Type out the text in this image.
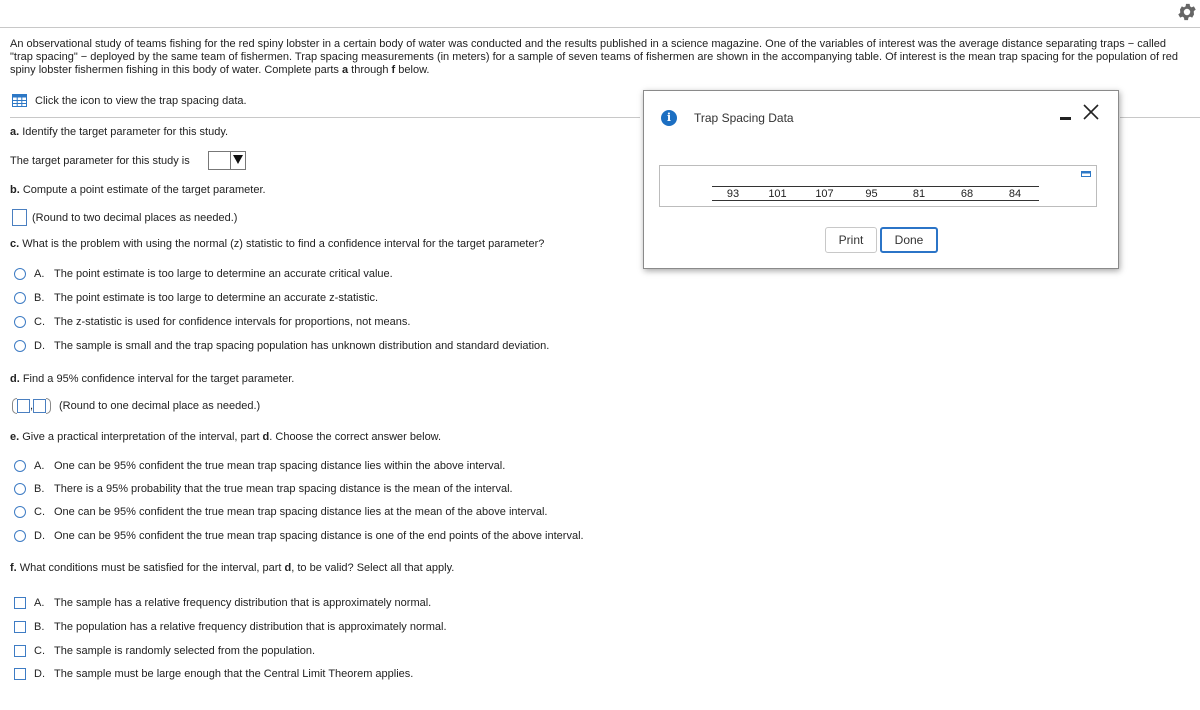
An observational study of teams fishing for the red spiny lobster in a certain body of water was conducted and the results published in a science magazine. One of the variables of interest was the average distance separating traps − called "trap spacing" − deployed by the same team of fishermen. Trap spacing measurements (in meters) for a sample of seven teams of fishermen are shown in the accompanying table. Of interest is the mean trap spacing for the population of red spiny lobster fishermen fishing in this body of water. Complete parts a through f below.
Click the icon to view the trap spacing data.
a. Identify the target parameter for this study.
The target parameter for this study is
b. Compute a point estimate of the target parameter.
(Round to two decimal places as needed.)
c. What is the problem with using the normal (z) statistic to find a confidence interval for the target parameter?
A. The point estimate is too large to determine an accurate critical value.
B. The point estimate is too large to determine an accurate z-statistic.
C. The z-statistic is used for confidence intervals for proportions, not means.
D. The sample is small and the trap spacing population has unknown distribution and standard deviation.
d. Find a 95% confidence interval for the target parameter.
, (Round to one decimal place as needed.)
e. Give a practical interpretation of the interval, part d. Choose the correct answer below.
A. One can be 95% confident the true mean trap spacing distance lies within the above interval.
B. There is a 95% probability that the true mean trap spacing distance is the mean of the interval.
C. One can be 95% confident the true mean trap spacing distance lies at the mean of the above interval.
D. One can be 95% confident the true mean trap spacing distance is one of the end points of the above interval.
f. What conditions must be satisfied for the interval, part d, to be valid? Select all that apply.
A. The sample has a relative frequency distribution that is approximately normal.
B. The population has a relative frequency distribution that is approximately normal.
C. The sample is randomly selected from the population.
D. The sample must be large enough that the Central Limit Theorem applies.
i	Trap Spacing Data
93	101	107	95	81	68	84
Print	Done
